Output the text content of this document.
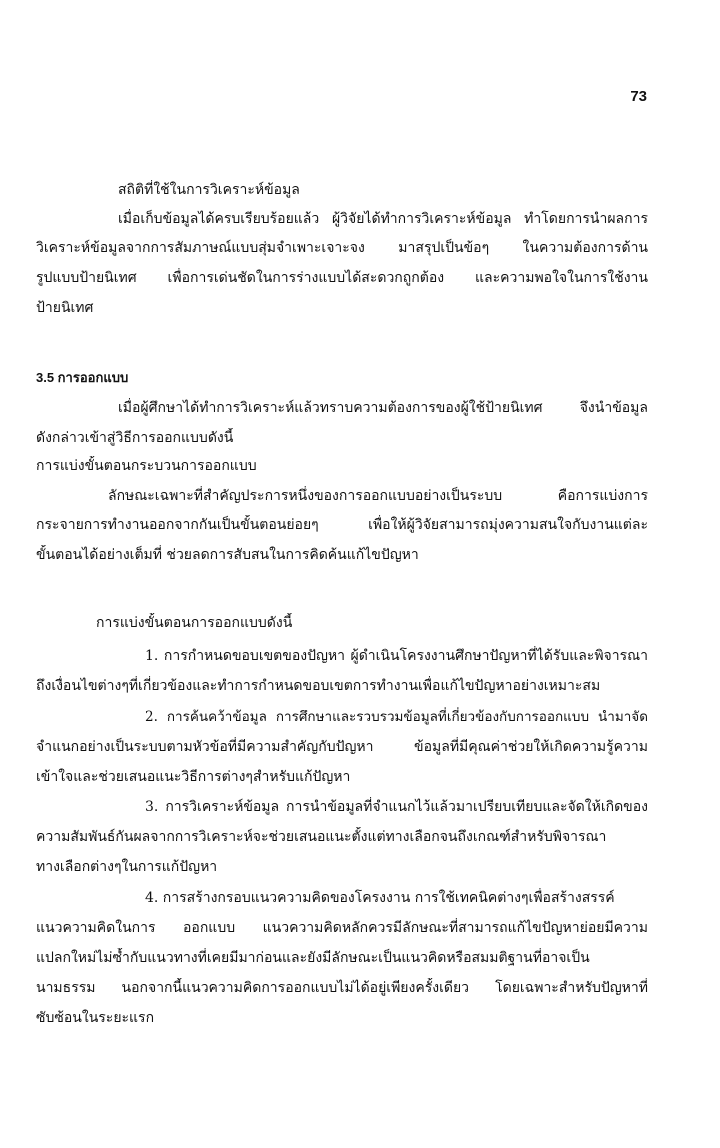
73
สถิติที่ใช้ในการวิเคราะห์ข้อมูล
เมื่อเก็บข้อมูลได้ครบเรียบร้อยแล้ว ผู้วิจัยได้ทำการวิเคราะห์ข้อมูล ทำโดยการนำผลการ
วิเคราะห์ข้อมูลจากการสัมภาษณ์แบบสุ่มจำเพาะเจาะจง มาสรุปเป็นข้อๆ ในความต้องการด้าน
รูปแบบป้ายนิเทศ เพื่อการเด่นชัดในการร่างแบบได้สะดวกถูกต้อง และความพอใจในการใช้งาน
ป้ายนิเทศ
3.5 การออกแบบ
เมื่อผู้ศึกษาได้ทำการวิเคราะห์แล้วทราบความต้องการของผู้ใช้ป้ายนิเทศ จึงนำข้อมูล
ดังกล่าวเข้าสู่วิธีการออกแบบดังนี้
การแบ่งขั้นตอนกระบวนการออกแบบ
ลักษณะเฉพาะที่สำคัญประการหนึ่งของการออกแบบอย่างเป็นระบบ คือการแบ่งการ
กระจายการทำงานออกจากกันเป็นขั้นตอนย่อยๆ เพื่อให้ผู้วิจัยสามารถมุ่งความสนใจกับงานแต่ละ
ขั้นตอนได้อย่างเต็มที่ ช่วยลดการสับสนในการคิดค้นแก้ไขปัญหา
การแบ่งขั้นตอนการออกแบบดังนี้
1. การกำหนดขอบเขตของปัญหา ผู้ดำเนินโครงงานศึกษาปัญหาที่ได้รับและพิจารณา
ถึงเงื่อนไขต่างๆที่เกี่ยวข้องและทำการกำหนดขอบเขตการทำงานเพื่อแก้ไขปัญหาอย่างเหมาะสม
2. การค้นคว้าข้อมูล การศึกษาและรวบรวมข้อมูลที่เกี่ยวข้องกับการออกแบบ นำมาจัด
จำแนกอย่างเป็นระบบตามหัวข้อที่มีความสำคัญกับปัญหา ข้อมูลที่มีคุณค่าช่วยให้เกิดความรู้ความ
เข้าใจและช่วยเสนอแนะวิธีการต่างๆสำหรับแก้ปัญหา
3. การวิเคราะห์ข้อมูล การนำข้อมูลที่จำแนกไว้แล้วมาเปรียบเทียบและจัดให้เกิดของ
ความสัมพันธ์กันผลจากการวิเคราะห์จะช่วยเสนอแนะตั้งแต่ทางเลือกจนถึงเกณฑ์สำหรับพิจารณา
ทางเลือกต่างๆในการแก้ปัญหา
4. การสร้างกรอบแนวความคิดของโครงงาน การใช้เทคนิคต่างๆเพื่อสร้างสรรค์
แนวความคิดในการ ออกแบบ แนวความคิดหลักควรมีลักษณะที่สามารถแก้ไขปัญหาย่อยมีความ
แปลกใหม่ไม่ซ้ำกับแนวทางที่เคยมีมาก่อนและยังมีลักษณะเป็นแนวคิดหรือสมมติฐานที่อาจเป็น
นามธรรม นอกจากนี้แนวความคิดการออกแบบไม่ได้อยู่เพียงครั้งเดียว โดยเฉพาะสำหรับปัญหาที่
ซับซ้อนในระยะแรก
